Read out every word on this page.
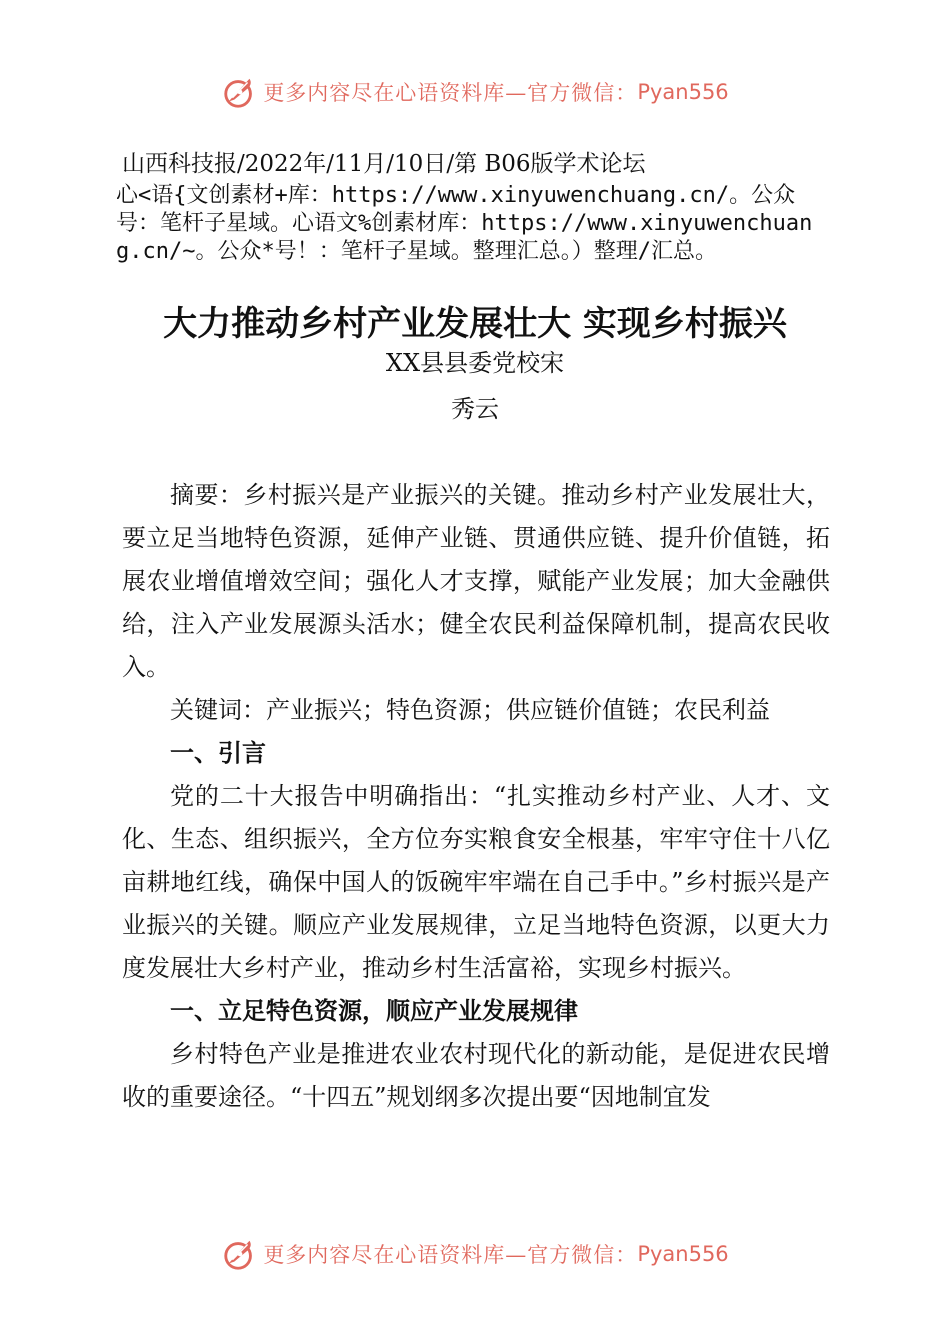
更多内容尽在心语资料库—官方微信： Pyan556
山西科技报/2022年/11月/10日/第 B06版学术论坛
心<语{文创素材+库：https://www.xinyuwenchuang.cn/。公众号：笔杆子星域。心语文%创素材库：https://www.xinyuwenchuang.cn/~。公众*号！：笔杆子星域。整理汇总。）整理/汇总。
大力推动乡村产业发展壮大 实现乡村振兴
XX县县委党校宋
秀云

摘要：乡村振兴是产业振兴的关键。推动乡村产业发展壮大，要立足当地特色资源，延伸产业链、贯通供应链、提升价值链，拓展农业增值增效空间；强化人才支撑，赋能产业发展；加大金融供给，注入产业发展源头活水；健全农民利益保障机制，提高农民收入。

关键词：产业振兴；特色资源；供应链价值链；农民利益

一、引言

党的二十大报告中明确指出：“扎实推动乡村产业、人才、文化、生态、组织振兴，全方位夯实粮食安全根基，牢牢守住十八亿亩耕地红线，确保中国人的饭碗牢牢端在自己手中。”乡村振兴是产业振兴的关键。顺应产业发展规律，立足当地特色资源，以更大力度发展壮大乡村产业，推动乡村生活富裕，实现乡村振兴。

一、立足特色资源，顺应产业发展规律

乡村特色产业是推进农业农村现代化的新动能，是促进农民增收的重要途径。“十四五”规划纲多次提出要“因地制宜发

更多内容尽在心语资料库—官方微信： Pyan556
